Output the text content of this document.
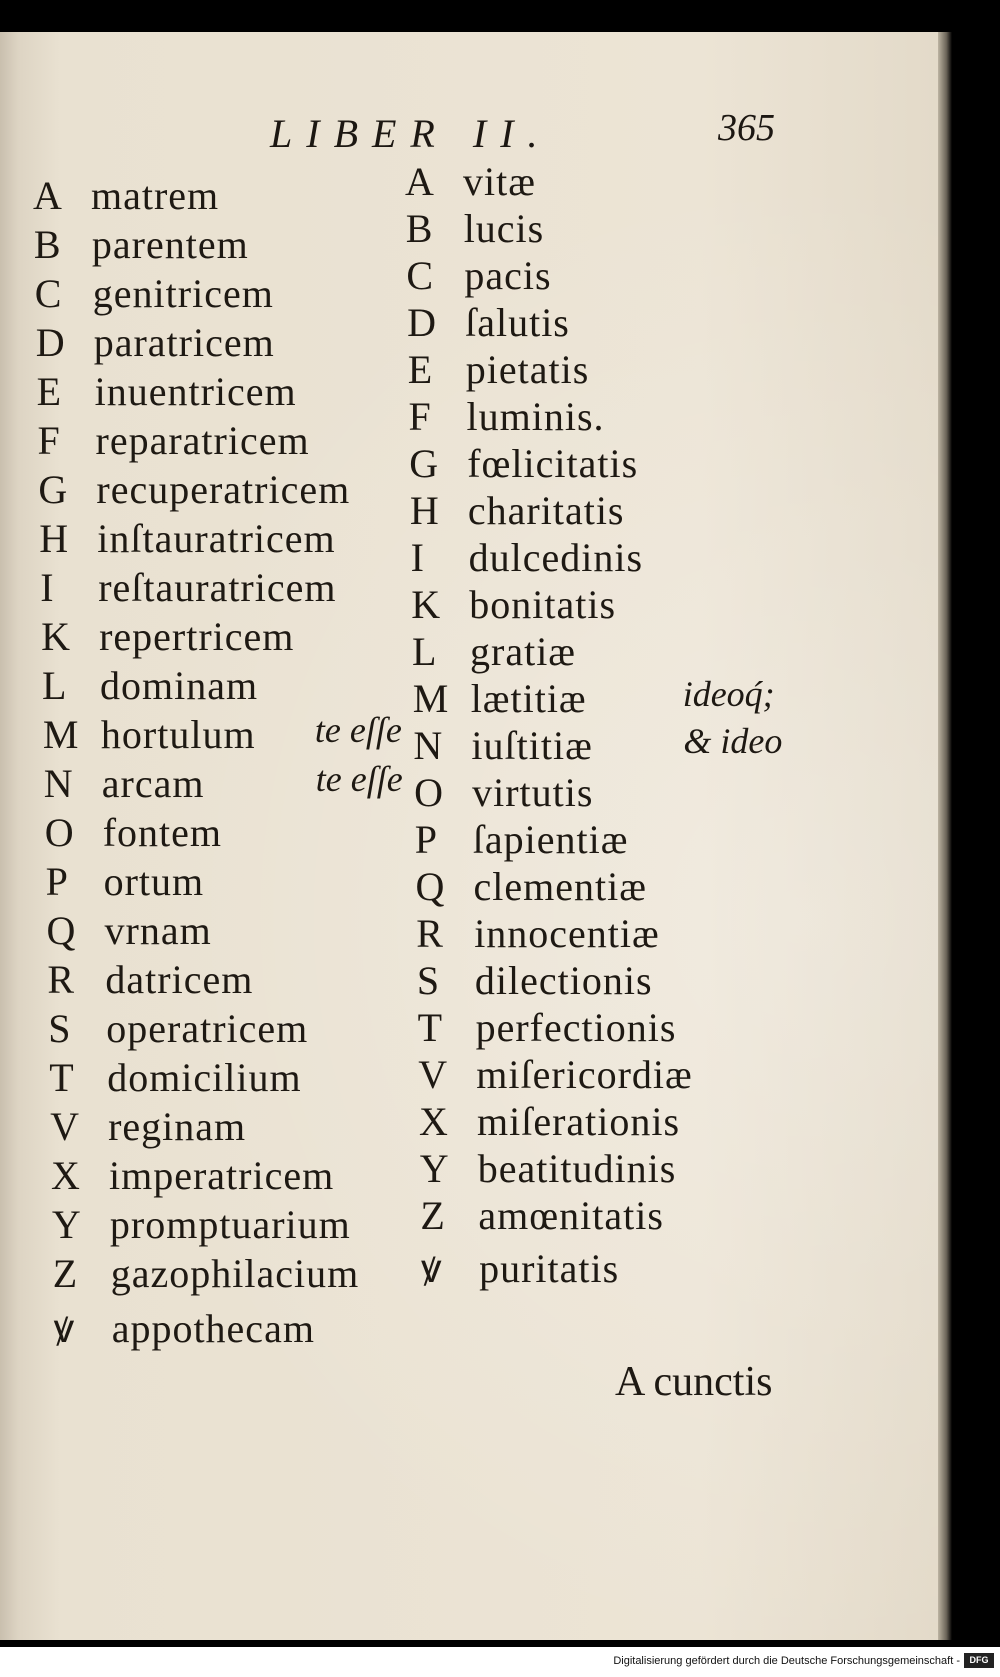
LIBER II.	365
A matrem
B parentem
C genitricem
D paratricem
E inuentricem
F reparatricem
G recuperatricem
H inſtauratricem
I reſtauratricem
K repertricem
L dominam
M hortulum te eſſe
N arcam	te eſſe
O fontem
P ortum
Q vrnam
R datricem
S operatricem
T domicilium
V reginam
X imperatricem
Y promptuarium
Z gazophilacium
ꝟ appothecam
A vitæ
B lucis
C pacis
D ſalutis
E pietatis
F luminis.
G fœlicitatis
H charitatis
I dulcedinis
K bonitatis
L gratiæ
M lætitiæ	ideoq́;
N iuſtitiæ	& ideo
O virtutis
P ſapientiæ
Q clementiæ
R innocentiæ
S dilectionis
T perfectionis
V miſericordiæ
X miſerationis
Y beatitudinis
Z amœnitatis
ꝟ puritatis
A cunctis
Digitalisierung gefördert durch die Deutsche Forschungsgemeinschaft -	DFG
